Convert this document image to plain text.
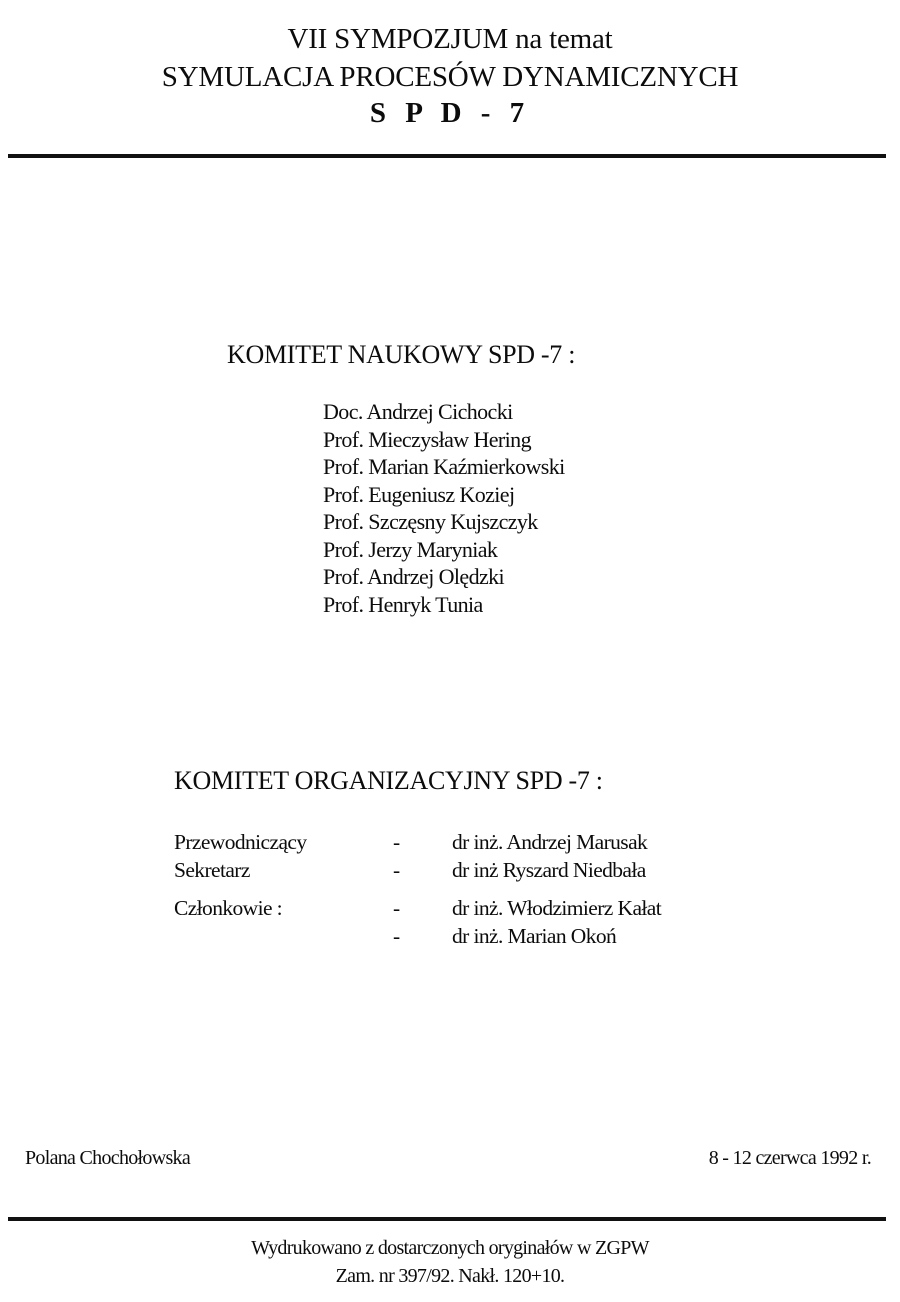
VII SYMPOZJUM na temat
SYMULACJA PROCESÓW DYNAMICZNYCH
S P D - 7
KOMITET NAUKOWY SPD -7 :
Doc. Andrzej Cichocki
Prof. Mieczysław Hering
Prof. Marian Kaźmierkowski
Prof. Eugeniusz Koziej
Prof. Szczęsny Kujszczyk
Prof. Jerzy Maryniak
Prof. Andrzej Olędzki
Prof. Henryk Tunia
KOMITET ORGANIZACYJNY SPD -7 :
Przewodniczący	- dr inż. Andrzej Marusak
Sekretarz	- dr inż Ryszard Niedbała
Członkowie :	- dr inż. Włodzimierz Kałat
- dr inż. Marian Okoń
Polana Chochołowska	8 - 12 czerwca 1992 r.
Wydrukowano z dostarczonych oryginałów w ZGPW
Zam. nr 397/92. Nakł. 120+10.
